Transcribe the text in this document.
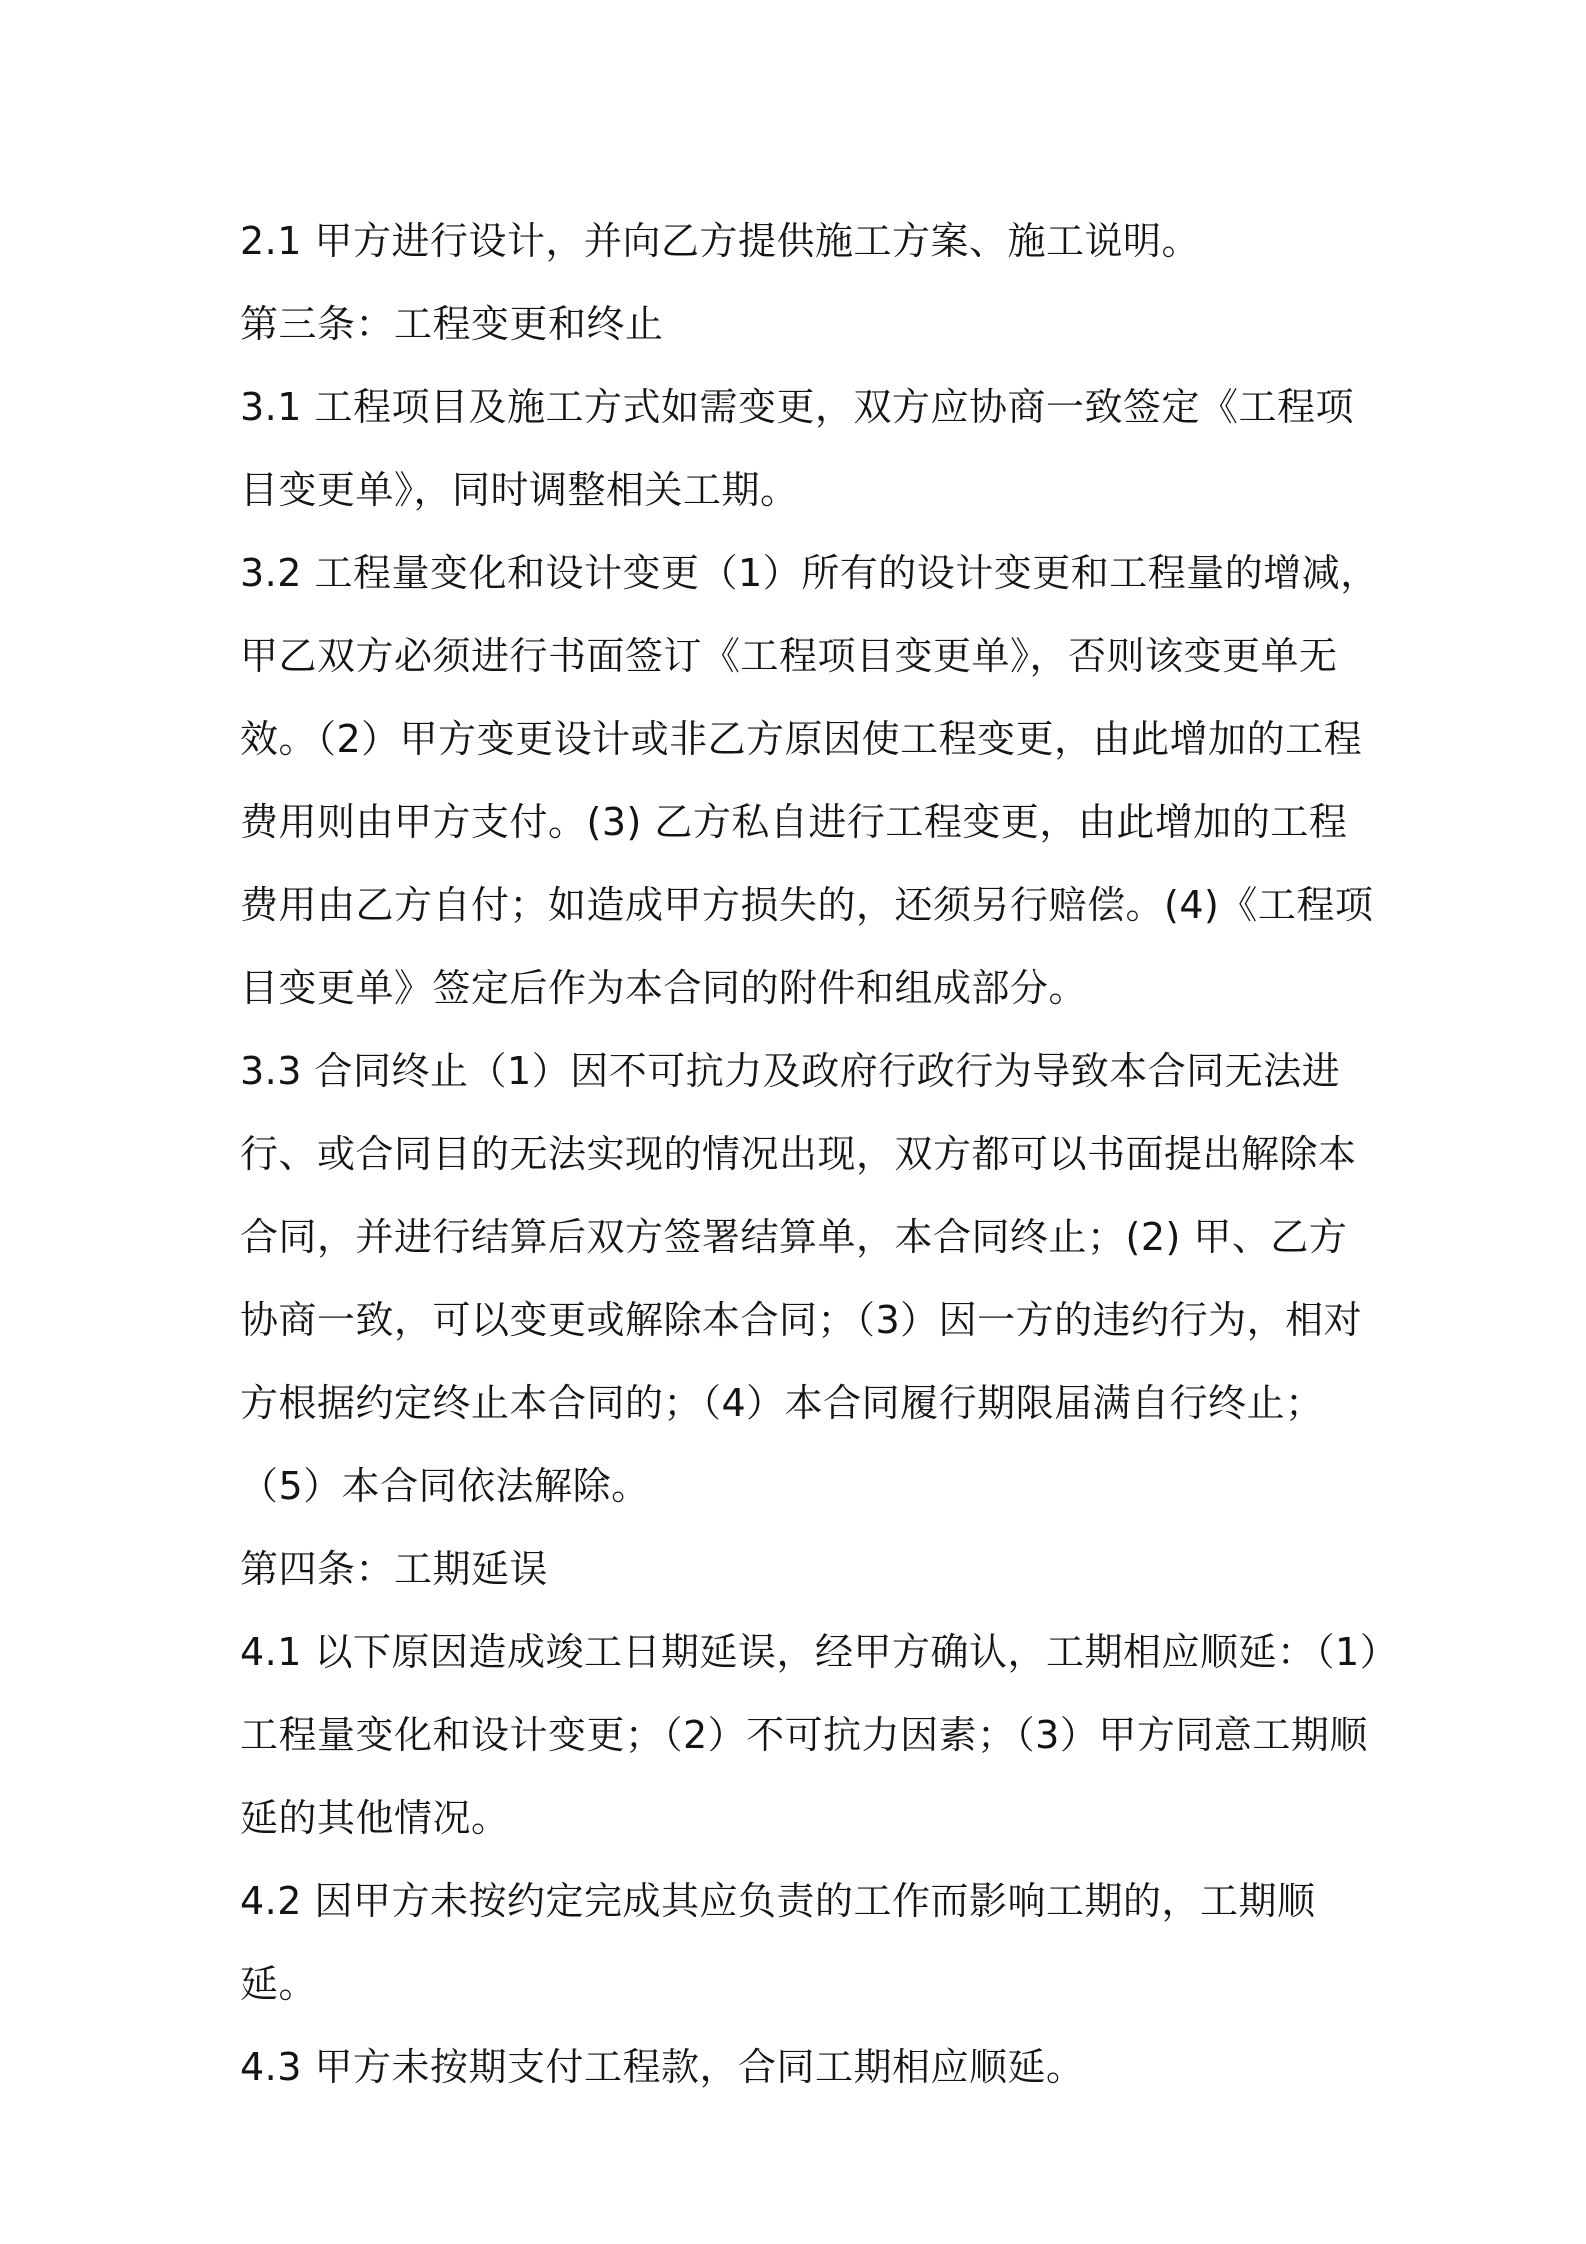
2.1 甲方进行设计，并向乙方提供施工方案、施工说明。

第三条：工程变更和终止

3.1 工程项目及施工方式如需变更，双方应协商一致签定《工程项目变更单》，同时调整相关工期。

3.2 工程量变化和设计变更（1）所有的设计变更和工程量的增减，甲乙双方必须进行书面签订《工程项目变更单》，否则该变更单无效。（2）甲方变更设计或非乙方原因使工程变更，由此增加的工程费用则由甲方支付。(3) 乙方私自进行工程变更，由此增加的工程费用由乙方自付；如造成甲方损失的，还须另行赔偿。(4)《工程项目变更单》签定后作为本合同的附件和组成部分。

3.3 合同终止（1）因不可抗力及政府行政行为导致本合同无法进行、或合同目的无法实现的情况出现，双方都可以书面提出解除本合同，并进行结算后双方签署结算单，本合同终止；(2) 甲、乙方协商一致，可以变更或解除本合同；（3）因一方的违约行为，相对方根据约定终止本合同的；（4）本合同履行期限届满自行终止；（5）本合同依法解除。

第四条：工期延误

4.1 以下原因造成竣工日期延误，经甲方确认，工期相应顺延：（1）工程量变化和设计变更；（2）不可抗力因素；（3）甲方同意工期顺延的其他情况。

4.2 因甲方未按约定完成其应负责的工作而影响工期的，工期顺延。

4.3 甲方未按期支付工程款，合同工期相应顺延。
